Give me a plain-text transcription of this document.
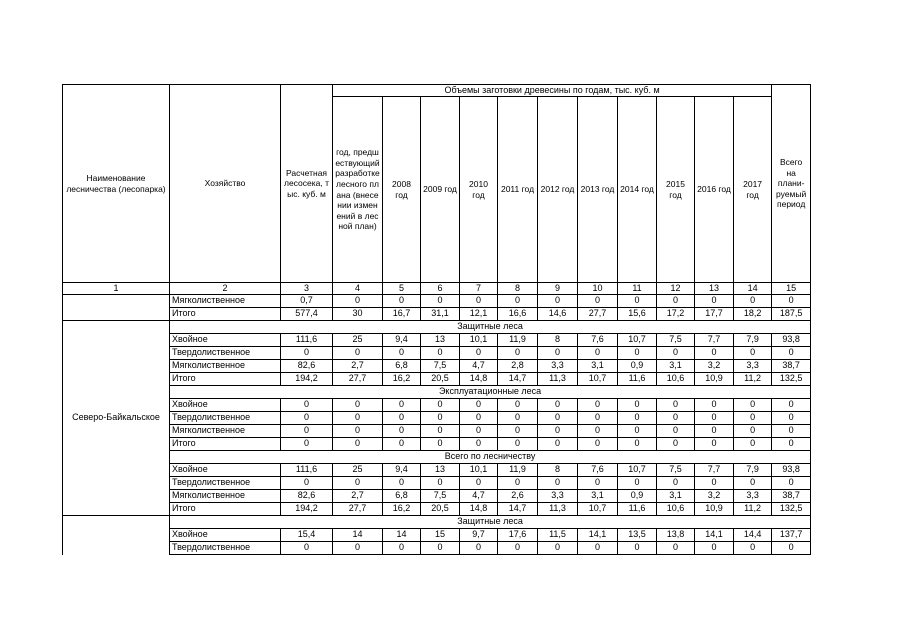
Наименование лесничества (лесопарка)	Хозяйство	Расчетная лесосека, тыс. куб. м	Объемы заготовки древесины по годам, тыс. куб. м											Всего на плани-руемый период
			год, предшествующий разработке лесного плана (внесении изменений в лесной план)	2008 год	2009 год	2010 год	2011 год	2012 год	2013 год	2014 год	2015 год	2016 год	2017 год	
1	2	3	4	5	6	7	8	9	10	11	12	13	14	15
	Мягколиственное	0,7	0	0	0	0	0	0	0	0	0	0	0	0
	Итого	577,4	30	16,7	31,1	12,1	16,6	14,6	27,7	15,6	17,2	17,7	18,2	187,5
Северо-Байкальское	Защитные леса													
	Хвойное	111,6	25	9,4	13	10,1	11,9	8	7,6	10,7	7,5	7,7	7,9	93,8
	Твердолиственное	0	0	0	0	0	0	0	0	0	0	0	0	0
	Мягколиственное	82,6	2,7	6,8	7,5	4,7	2,8	3,3	3,1	0,9	3,1	3,2	3,3	38,7
	Итого	194,2	27,7	16,2	20,5	14,8	14,7	11,3	10,7	11,6	10,6	10,9	11,2	132,5
	Эксплуатационные леса													
	Хвойное	0	0	0	0	0	0	0	0	0	0	0	0	0
	Твердолиственное	0	0	0	0	0	0	0	0	0	0	0	0	0
	Мягколиственное	0	0	0	0	0	0	0	0	0	0	0	0	0
	Итого	0	0	0	0	0	0	0	0	0	0	0	0	0
	Всего по лесничеству													
	Хвойное	111,6	25	9,4	13	10,1	11,9	8	7,6	10,7	7,5	7,7	7,9	93,8
	Твердолиственное	0	0	0	0	0	0	0	0	0	0	0	0	0
	Мягколиственное	82,6	2,7	6,8	7,5	4,7	2,6	3,3	3,1	0,9	3,1	3,2	3,3	38,7
	Итого	194,2	27,7	16,2	20,5	14,8	14,7	11,3	10,7	11,6	10,6	10,9	11,2	132,5
	Защитные леса													
	Хвойное	15,4	14	14	15	9,7	17,6	11,5	14,1	13,5	13,8	14,1	14,4	137,7
	Твердолиственное	0	0	0	0	0	0	0	0	0	0	0	0	0
